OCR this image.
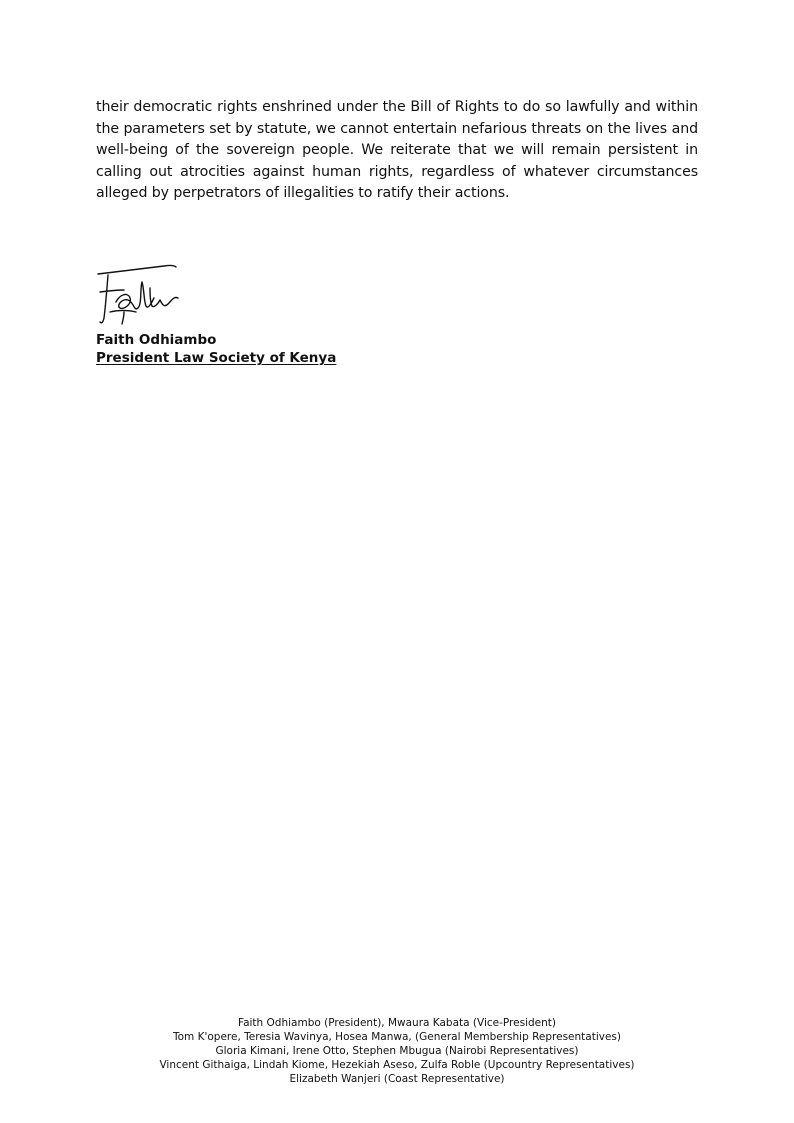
their democratic rights enshrined under the Bill of Rights to do so lawfully and within the parameters set by statute, we cannot entertain nefarious threats on the lives and well-being of the sovereign people. We reiterate that we will remain persistent in calling out atrocities against human rights, regardless of whatever circumstances alleged by perpetrators of illegalities to ratify their actions.

Faith Odhiambo

President Law Society of Kenya

Faith Odhiambo (President), Mwaura Kabata (Vice-President)
Tom K'opere, Teresia Wavinya, Hosea Manwa, (General Membership Representatives)
Gloria Kimani, Irene Otto, Stephen Mbugua (Nairobi Representatives)
Vincent Githaiga, Lindah Kiome, Hezekiah Aseso, Zulfa Roble (Upcountry Representatives)
Elizabeth Wanjeri (Coast Representative)
